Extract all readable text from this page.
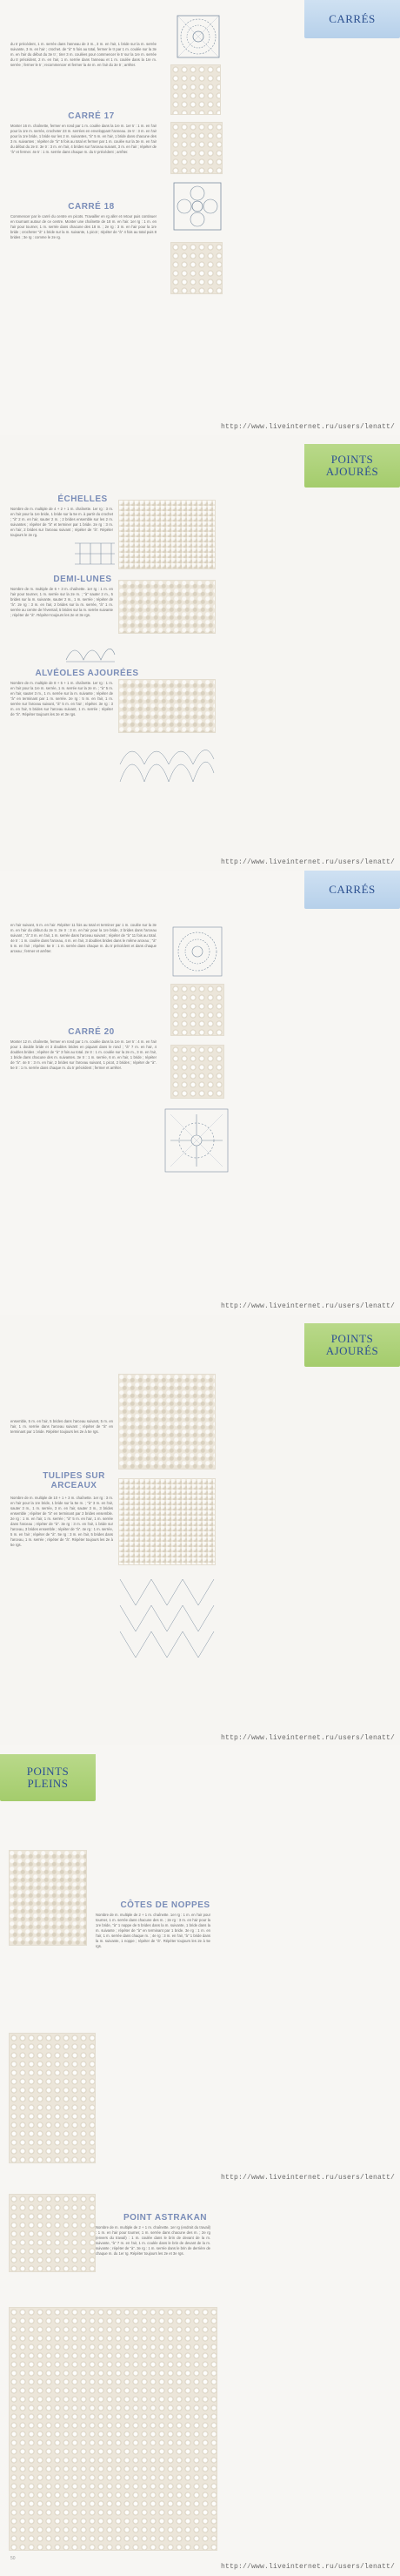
CARRÉS
du tr précédent, 1 m. serrée dans l'anneau de 3 m., 3 m. en l'air, 1 bride sur la m. serrée suivante, 3 m. en l'air ; crochet. de "à" 5 fois au total, fermer le tr par 1 m. coulée sur la 3e m. en l'air du début du 3e tr ; tirer 3 m. coulées pour commencer le tr sur la 1re m. serrée du tr précédent, 2 m. en l'air, 1 m. serrée dans l'anneau et 1 m. coulée dans la 1re m. serrée ; fermer le tr ; recommencer et fermer la 4e m. en l'air du 3e tr ; arrêter.
CARRÉ 17
Monter 16 m. chaînette, fermer en rond par 1 m. coulée dans la 1re m. 1er tr : 1 m. en l'air pour la 1re m. serrée, crocheter 23 m. serrées en enveloppant l'anneau. 2e tr : 3 m. en l'air pour la 1re bride, 1 bride sur les 2 m. suivantes, "à" 5 m. en l'air, 1 bride dans chacune des 3 m. suivantes ; répéter de "à" 5 fois au total et fermer par 1 m. coulée sur la 3e m. en l'air du début du 2e tr. 3e tr : 3 m. en l'air, 4 brides sur l'arceau suivant, 3 m. en l'air ; répéter de "à" et fermer. 4e tr : 1 m. serrée dans chaque m. du tr précédent ; arrêter.
CARRÉ 18
Commencer par le carré du centre en picots. Travailler en rg aller et retour puis continuer en tournant autour de ce centre. Monter une chaînette de 18 m. en l'air. 1er rg : 1 m. en l'air pour tourner, 1 m. serrée dans chacune des 18 m. ; 2e rg : 3 m. en l'air pour la 1re bride ; crocheter "à" 1 bride sur la m. suivante, 1 picot ; répéter de "à" 4 fois au total puis 8 brides ; 3e rg : comme le 2e rg.
http://www.liveinternet.ru/users/lenatt/
POINTS AJOURÉS
ÉCHELLES
Nombre de m. multiple de 4 + 2 + 1 m. chaînette. 1er rg : 3 m. en l'air pour la 1re bride, 1 bride sur la 5e m. à partir du crochet ; "à" 2 m. en l'air, sauter 2 m. ; 2 brides ensemble sur les 2 m. suivantes ; répéter de "à" et terminer par 1 bride. 2e rg : 3 m. en l'air, 2 brides sur l'arceau suivant ; répéter de "à". Répéter toujours le 2e rg.
DEMI-LUNES
Nombre de m. multiple de 6 + 3 m. chaînette. 1er rg : 1 m. en l'air pour tourner, 1 m. serrée sur la 2e m. ; "à" sauter 2 m., 5 brides sur la m. suivante, sauter 2 m., 1 m. serrée ; répéter de "à". 2e rg : 3 m. en l'air, 2 brides sur la m. serrée, "à" 1 m. serrée au centre de l'éventail, 5 brides sur la m. serrée suivante ; répéter de "à". Répéter toujours les 2e et 3e rgs.
ALVÉOLES AJOURÉES
Nombre de m. multiple de 8 + 5 + 1 m. chaînette. 1er rg : 1 m. en l'air pour la 1re m. serrée, 1 m. serrée sur la 2e m. ; "à" 5 m. en l'air, sauter 3 m., 1 m. serrée sur la m. suivante ; répéter de "à" en terminant par 1 m. serrée. 2e rg : 5 m. en l'air, 1 m. serrée sur l'arceau suivant, "à" 5 m. en l'air ; répéter. 3e rg : 3 m. en l'air, 5 brides sur l'arceau suivant, 1 m. serrée ; répéter de "à". Répéter toujours les 2e et 3e rgs.
http://www.liveinternet.ru/users/lenatt/
CARRÉS
en l'air suivant, 5 m. en l'air. Répéter 11 fois au total et terminer par 1 m. coulée sur la 3e m. en l'air du début du 2e tr. 3e tr : 3 m. en l'air pour la 1re bride, 2 brides dans l'arceau suivant ; "à" 3 m. en l'air, 1 m. serrée dans l'arceau suivant ; répéter de "à" 11 fois au total. 4e tr : 1 m. coulée dans l'arceau, 4 m. en l'air, 3 doubles brides dans le même arceau ; "à" 5 m. en l'air ; répéter. 5e tr : 1 m. serrée dans chaque m. du tr précédent et dans chaque arceau ; fermer et arrêter.
CARRÉ 20
Monter 12 m. chaînette, fermer en rond par 1 m. coulée dans la 1re m. 1er tr : 4 m. en l'air pour 1 double bride et 3 doubles brides en piquant dans le rond ; "à" 7 m. en l'air, 4 doubles brides ; répéter de "à" 3 fois au total. 2e tr : 1 m. coulée sur la 2e m., 3 m. en l'air, 1 bride dans chacune des m. suivantes. 3e tr : 1 m. serrée, 6 m. en l'air, 1 bride ; répéter de "à". 4e tr : 3 m. en l'air, 2 brides sur l'arceau suivant, 1 picot, 2 brides ; répéter de "à". 5e tr : 1 m. serrée dans chaque m. du tr précédent ; fermer et arrêter.
http://www.liveinternet.ru/users/lenatt/
POINTS AJOURÉS
ensemble, 5 m. en l'air, 5 brides dans l'arceau suivant, 5 m. en l'air, 1 m. serrée dans l'arceau suivant ; répéter de "à" en terminant par 1 bride. Répéter toujours les 2e à 5e rgs.
TULIPES SUR ARCEAUX
Nombre de m. multiple de 10 + 1 + 3 m. chaînette. 1er rg : 3 m. en l'air pour la 1re bride, 1 bride sur la 5e m. ; "à" 3 m. en l'air, sauter 3 m., 1 m. serrée, 3 m. en l'air, sauter 3 m., 3 brides ensemble ; répéter de "à" en terminant par 2 brides ensemble. 2e rg : 1 m. en l'air, 1 m. serrée ; "à" 5 m. en l'air, 1 m. serrée dans l'arceau ; répéter de "à". 3e rg : 3 m. en l'air, 1 bride sur l'arceau, 3 brides ensemble ; répéter de "à". 4e rg : 1 m. serrée, 5 m. en l'air ; répéter de "à". 5e rg : 3 m. en l'air, 5 brides dans l'arceau, 1 m. serrée ; répéter de "à". Répéter toujours les 2e à 5e rgs.
http://www.liveinternet.ru/users/lenatt/
POINTS PLEINS
CÔTES DE NOPPES
Nombre de m. multiple de 2 + 1 m. chaînette. 1er rg : 1 m. en l'air pour tourner, 1 m. serrée dans chacune des m. ; 2e rg : 3 m. en l'air pour la 1re bride, "à" 1 noppe de 5 brides dans la m. suivante, 1 bride dans la m. suivante ; répéter de "à" en terminant par 1 bride. 3e rg : 1 m. en l'air, 1 m. serrée dans chaque m. ; 4e rg : 3 m. en l'air, "à" 1 bride dans la m. suivante, 1 noppe ; répéter de "à". Répéter toujours les 2e à 5e rgs.
http://www.liveinternet.ru/users/lenatt/
POINT ASTRAKAN
Nombre de m. multiple de 2 + 1 m. chaînette. 1er rg (endroit du travail) : 1 m. en l'air pour tourner, 1 m. serrée dans chacune des m. ; 2e rg (envers du travail) : 1 m. coulée dans le brin de devant de la m. suivante, "à" 7 m. en l'air, 1 m. coulée dans le brin de devant de la m. suivante ; répéter de "à". 3e rg : 1 m. serrée dans le brin de derrière de chaque m. du 1er rg. Répéter toujours les 2e et 3e rgs.
50
http://www.liveinternet.ru/users/lenatt/
